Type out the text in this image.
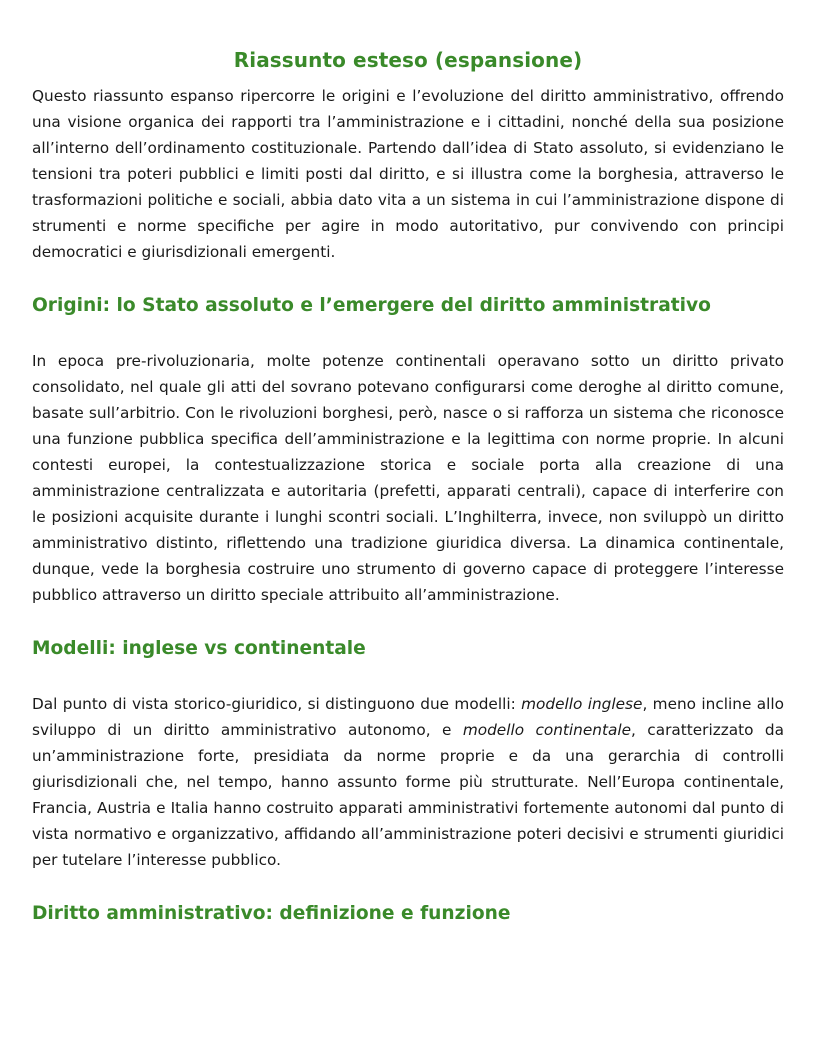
Riassunto esteso (espansione)

Questo riassunto espanso ripercorre le origini e l’evoluzione del diritto amministrativo, offrendo una visione organica dei rapporti tra l’amministrazione e i cittadini, nonché della sua posizione all’interno dell’ordinamento costituzionale. Partendo dall’idea di Stato assoluto, si evidenziano le tensioni tra poteri pubblici e limiti posti dal diritto, e si illustra come la borghesia, attraverso le trasformazioni politiche e sociali, abbia dato vita a un sistema in cui l’amministrazione dispone di strumenti e norme specifiche per agire in modo autoritativo, pur convivendo con principi democratici e giurisdizionali emergenti.

Origini: lo Stato assoluto e l’emergere del diritto amministrativo

In epoca pre-rivoluzionaria, molte potenze continentali operavano sotto un diritto privato consolidato, nel quale gli atti del sovrano potevano configurarsi come deroghe al diritto comune, basate sull’arbitrio. Con le rivoluzioni borghesi, però, nasce o si rafforza un sistema che riconosce una funzione pubblica specifica dell’amministrazione e la legittima con norme proprie. In alcuni contesti europei, la contestualizzazione storica e sociale porta alla creazione di una amministrazione centralizzata e autoritaria (prefetti, apparati centrali), capace di interferire con le posizioni acquisite durante i lunghi scontri sociali. L’Inghilterra, invece, non sviluppò un diritto amministrativo distinto, riflettendo una tradizione giuridica diversa. La dinamica continentale, dunque, vede la borghesia costruire uno strumento di governo capace di proteggere l’interesse pubblico attraverso un diritto speciale attribuito all’amministrazione.

Modelli: inglese vs continentale

Dal punto di vista storico-giuridico, si distinguono due modelli: modello inglese, meno incline allo sviluppo di un diritto amministrativo autonomo, e modello continentale, caratterizzato da un’amministrazione forte, presidiata da norme proprie e da una gerarchia di controlli giurisdizionali che, nel tempo, hanno assunto forme più strutturate. Nell’Europa continentale, Francia, Austria e Italia hanno costruito apparati amministrativi fortemente autonomi dal punto di vista normativo e organizzativo, affidando all’amministrazione poteri decisivi e strumenti giuridici per tutelare l’interesse pubblico.

Diritto amministrativo: definizione e funzione
